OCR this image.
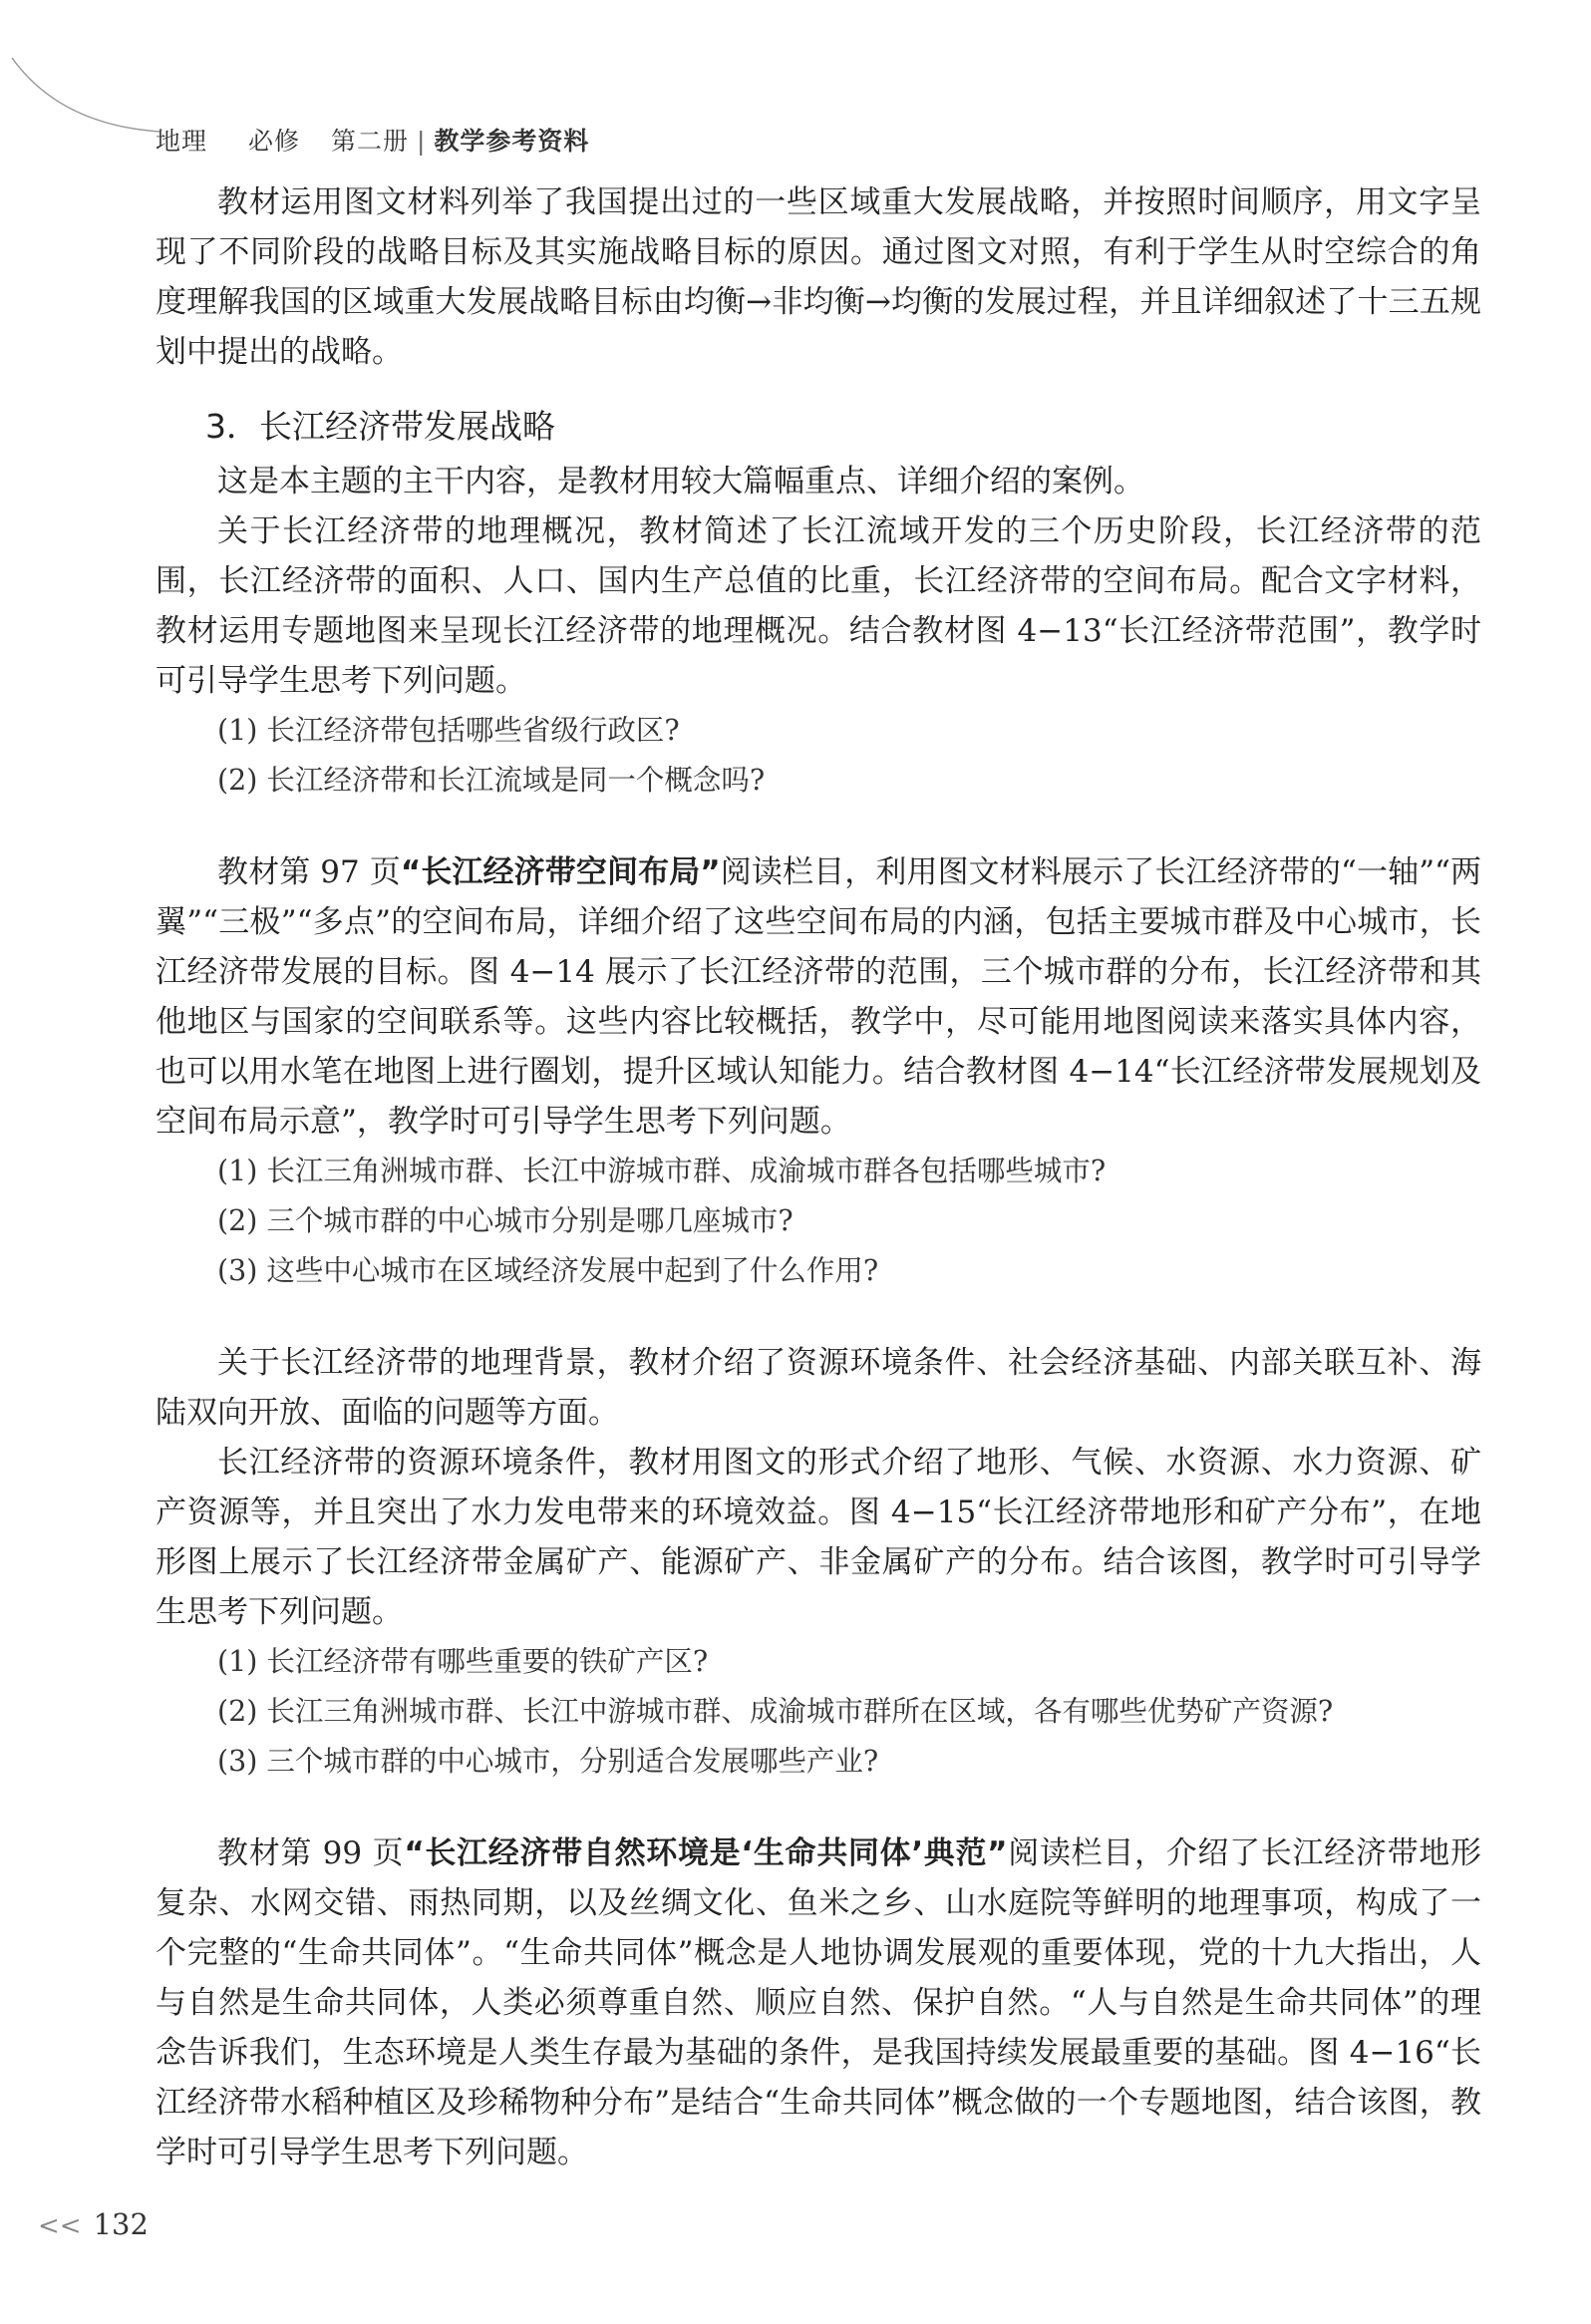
地理 必修 第二册 | 教学参考资料

教材运用图文材料列举了我国提出过的一些区域重大发展战略，并按照时间顺序，用文字呈现了不同阶段的战略目标及其实施战略目标的原因。通过图文对照，有利于学生从时空综合的角度理解我国的区域重大发展战略目标由均衡→非均衡→均衡的发展过程，并且详细叙述了十三五规划中提出的战略。

3．长江经济带发展战略

这是本主题的主干内容，是教材用较大篇幅重点、详细介绍的案例。

关于长江经济带的地理概况，教材简述了长江流域开发的三个历史阶段，长江经济带的范围，长江经济带的面积、人口、国内生产总值的比重，长江经济带的空间布局。配合文字材料，教材运用专题地图来呈现长江经济带的地理概况。结合教材图 4−13“长江经济带范围”，教学时可引导学生思考下列问题。

(1) 长江经济带包括哪些省级行政区?
(2) 长江经济带和长江流域是同一个概念吗?

教材第 97 页“长江经济带空间布局”阅读栏目，利用图文材料展示了长江经济带的“一轴”“两翼”“三极”“多点”的空间布局，详细介绍了这些空间布局的内涵，包括主要城市群及中心城市，长江经济带发展的目标。图 4−14 展示了长江经济带的范围，三个城市群的分布，长江经济带和其他地区与国家的空间联系等。这些内容比较概括，教学中，尽可能用地图阅读来落实具体内容，也可以用水笔在地图上进行圈划，提升区域认知能力。结合教材图 4−14“长江经济带发展规划及空间布局示意”，教学时可引导学生思考下列问题。

(1) 长江三角洲城市群、长江中游城市群、成渝城市群各包括哪些城市?
(2) 三个城市群的中心城市分别是哪几座城市?
(3) 这些中心城市在区域经济发展中起到了什么作用?

关于长江经济带的地理背景，教材介绍了资源环境条件、社会经济基础、内部关联互补、海陆双向开放、面临的问题等方面。

长江经济带的资源环境条件，教材用图文的形式介绍了地形、气候、水资源、水力资源、矿产资源等，并且突出了水力发电带来的环境效益。图 4−15“长江经济带地形和矿产分布”，在地形图上展示了长江经济带金属矿产、能源矿产、非金属矿产的分布。结合该图，教学时可引导学生思考下列问题。

(1) 长江经济带有哪些重要的铁矿产区?
(2) 长江三角洲城市群、长江中游城市群、成渝城市群所在区域，各有哪些优势矿产资源?
(3) 三个城市群的中心城市，分别适合发展哪些产业?

教材第 99 页“长江经济带自然环境是‘生命共同体’典范”阅读栏目，介绍了长江经济带地形复杂、水网交错、雨热同期，以及丝绸文化、鱼米之乡、山水庭院等鲜明的地理事项，构成了一个完整的“生命共同体”。“生命共同体”概念是人地协调发展观的重要体现，党的十九大指出，人与自然是生命共同体，人类必须尊重自然、顺应自然、保护自然。“人与自然是生命共同体”的理念告诉我们，生态环境是人类生存最为基础的条件，是我国持续发展最重要的基础。图 4−16“长江经济带水稻种植区及珍稀物种分布”是结合“生命共同体”概念做的一个专题地图，结合该图，教学时可引导学生思考下列问题。

<< 132
